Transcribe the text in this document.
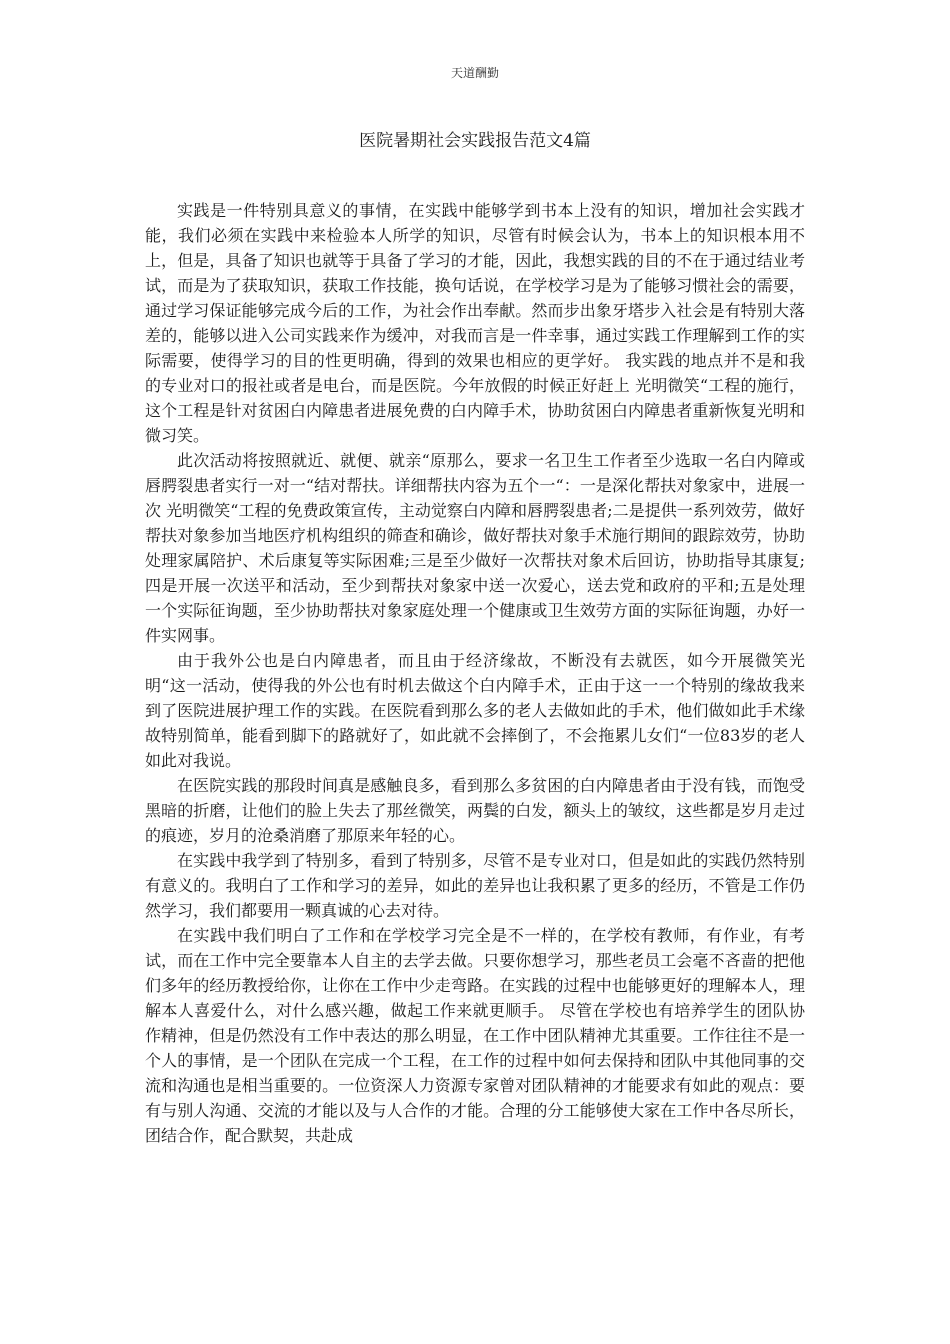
天道酬勤
医院暑期社会实践报告范文4篇

实践是一件特别具意义的事情，在实践中能够学到书本上没有的知识，增加社会实践才能，我们必须在实践中来检验本人所学的知识，尽管有时候会认为，书本上的知识根本用不上，但是，具备了知识也就等于具备了学习的才能，因此，我想实践的目的不在于通过结业考试，而是为了获取知识，获取工作技能，换句话说，在学校学习是为了能够习惯社会的需要，通过学习保证能够完成今后的工作，为社会作出奉献。然而步出象牙塔步入社会是有特别大落差的，能够以进入公司实践来作为缓冲，对我而言是一件幸事，通过实践工作理解到工作的实际需要，使得学习的目的性更明确，得到的效果也相应的更学好。 我实践的地点并不是和我的专业对口的报社或者是电台，而是医院。今年放假的时候正好赶上 光明微笑“工程的施行，这个工程是针对贫困白内障患者进展免费的白内障手术，协助贫困白内障患者重新恢复光明和微习笑。

此次活动将按照就近、就便、就亲“原那么，要求一名卫生工作者至少选取一名白内障或唇腭裂患者实行一对一“结对帮扶。详细帮扶内容为五个一“：一是深化帮扶对象家中，进展一次 光明微笑“工程的免费政策宣传，主动觉察白内障和唇腭裂患者;二是提供一系列效劳，做好帮扶对象参加当地医疗机构组织的筛查和确诊，做好帮扶对象手术施行期间的跟踪效劳，协助处理家属陪护、术后康复等实际困难;三是至少做好一次帮扶对象术后回访，协助指导其康复;四是开展一次送平和活动，至少到帮扶对象家中送一次爱心，送去党和政府的平和;五是处理一个实际征询题，至少协助帮扶对象家庭处理一个健康或卫生效劳方面的实际征询题，办好一件实网事。

由于我外公也是白内障患者，而且由于经济缘故，不断没有去就医，如今开展微笑光明“这一活动，使得我的外公也有时机去做这个白内障手术，正由于这一一个特别的缘故我来到了医院进展护理工作的实践。在医院看到那么多的老人去做如此的手术，他们做如此手术缘故特别简单，能看到脚下的路就好了，如此就不会摔倒了，不会拖累儿女们“一位83岁的老人如此对我说。

在医院实践的那段时间真是感触良多，看到那么多贫困的白内障患者由于没有钱，而饱受黑暗的折磨，让他们的脸上失去了那丝微笑，两鬓的白发，额头上的皱纹，这些都是岁月走过的痕迹，岁月的沧桑消磨了那原来年轻的心。

在实践中我学到了特别多，看到了特别多，尽管不是专业对口，但是如此的实践仍然特别有意义的。我明白了工作和学习的差异，如此的差异也让我积累了更多的经历，不管是工作仍然学习，我们都要用一颗真诚的心去对待。

在实践中我们明白了工作和在学校学习完全是不一样的，在学校有教师，有作业，有考试，而在工作中完全要靠本人自主的去学去做。只要你想学习，那些老员工会毫不吝啬的把他们多年的经历教授给你，让你在工作中少走弯路。在实践的过程中也能够更好的理解本人，理解本人喜爱什么，对什么感兴趣，做起工作来就更顺手。 尽管在学校也有培养学生的团队协作精神，但是仍然没有工作中表达的那么明显，在工作中团队精神尤其重要。工作往往不是一个人的事情，是一个团队在完成一个工程，在工作的过程中如何去保持和团队中其他同事的交流和沟通也是相当重要的。一位资深人力资源专家曾对团队精神的才能要求有如此的观点：要有与别人沟通、交流的才能以及与人合作的才能。合理的分工能够使大家在工作中各尽所长，团结合作，配合默契，共赴成
